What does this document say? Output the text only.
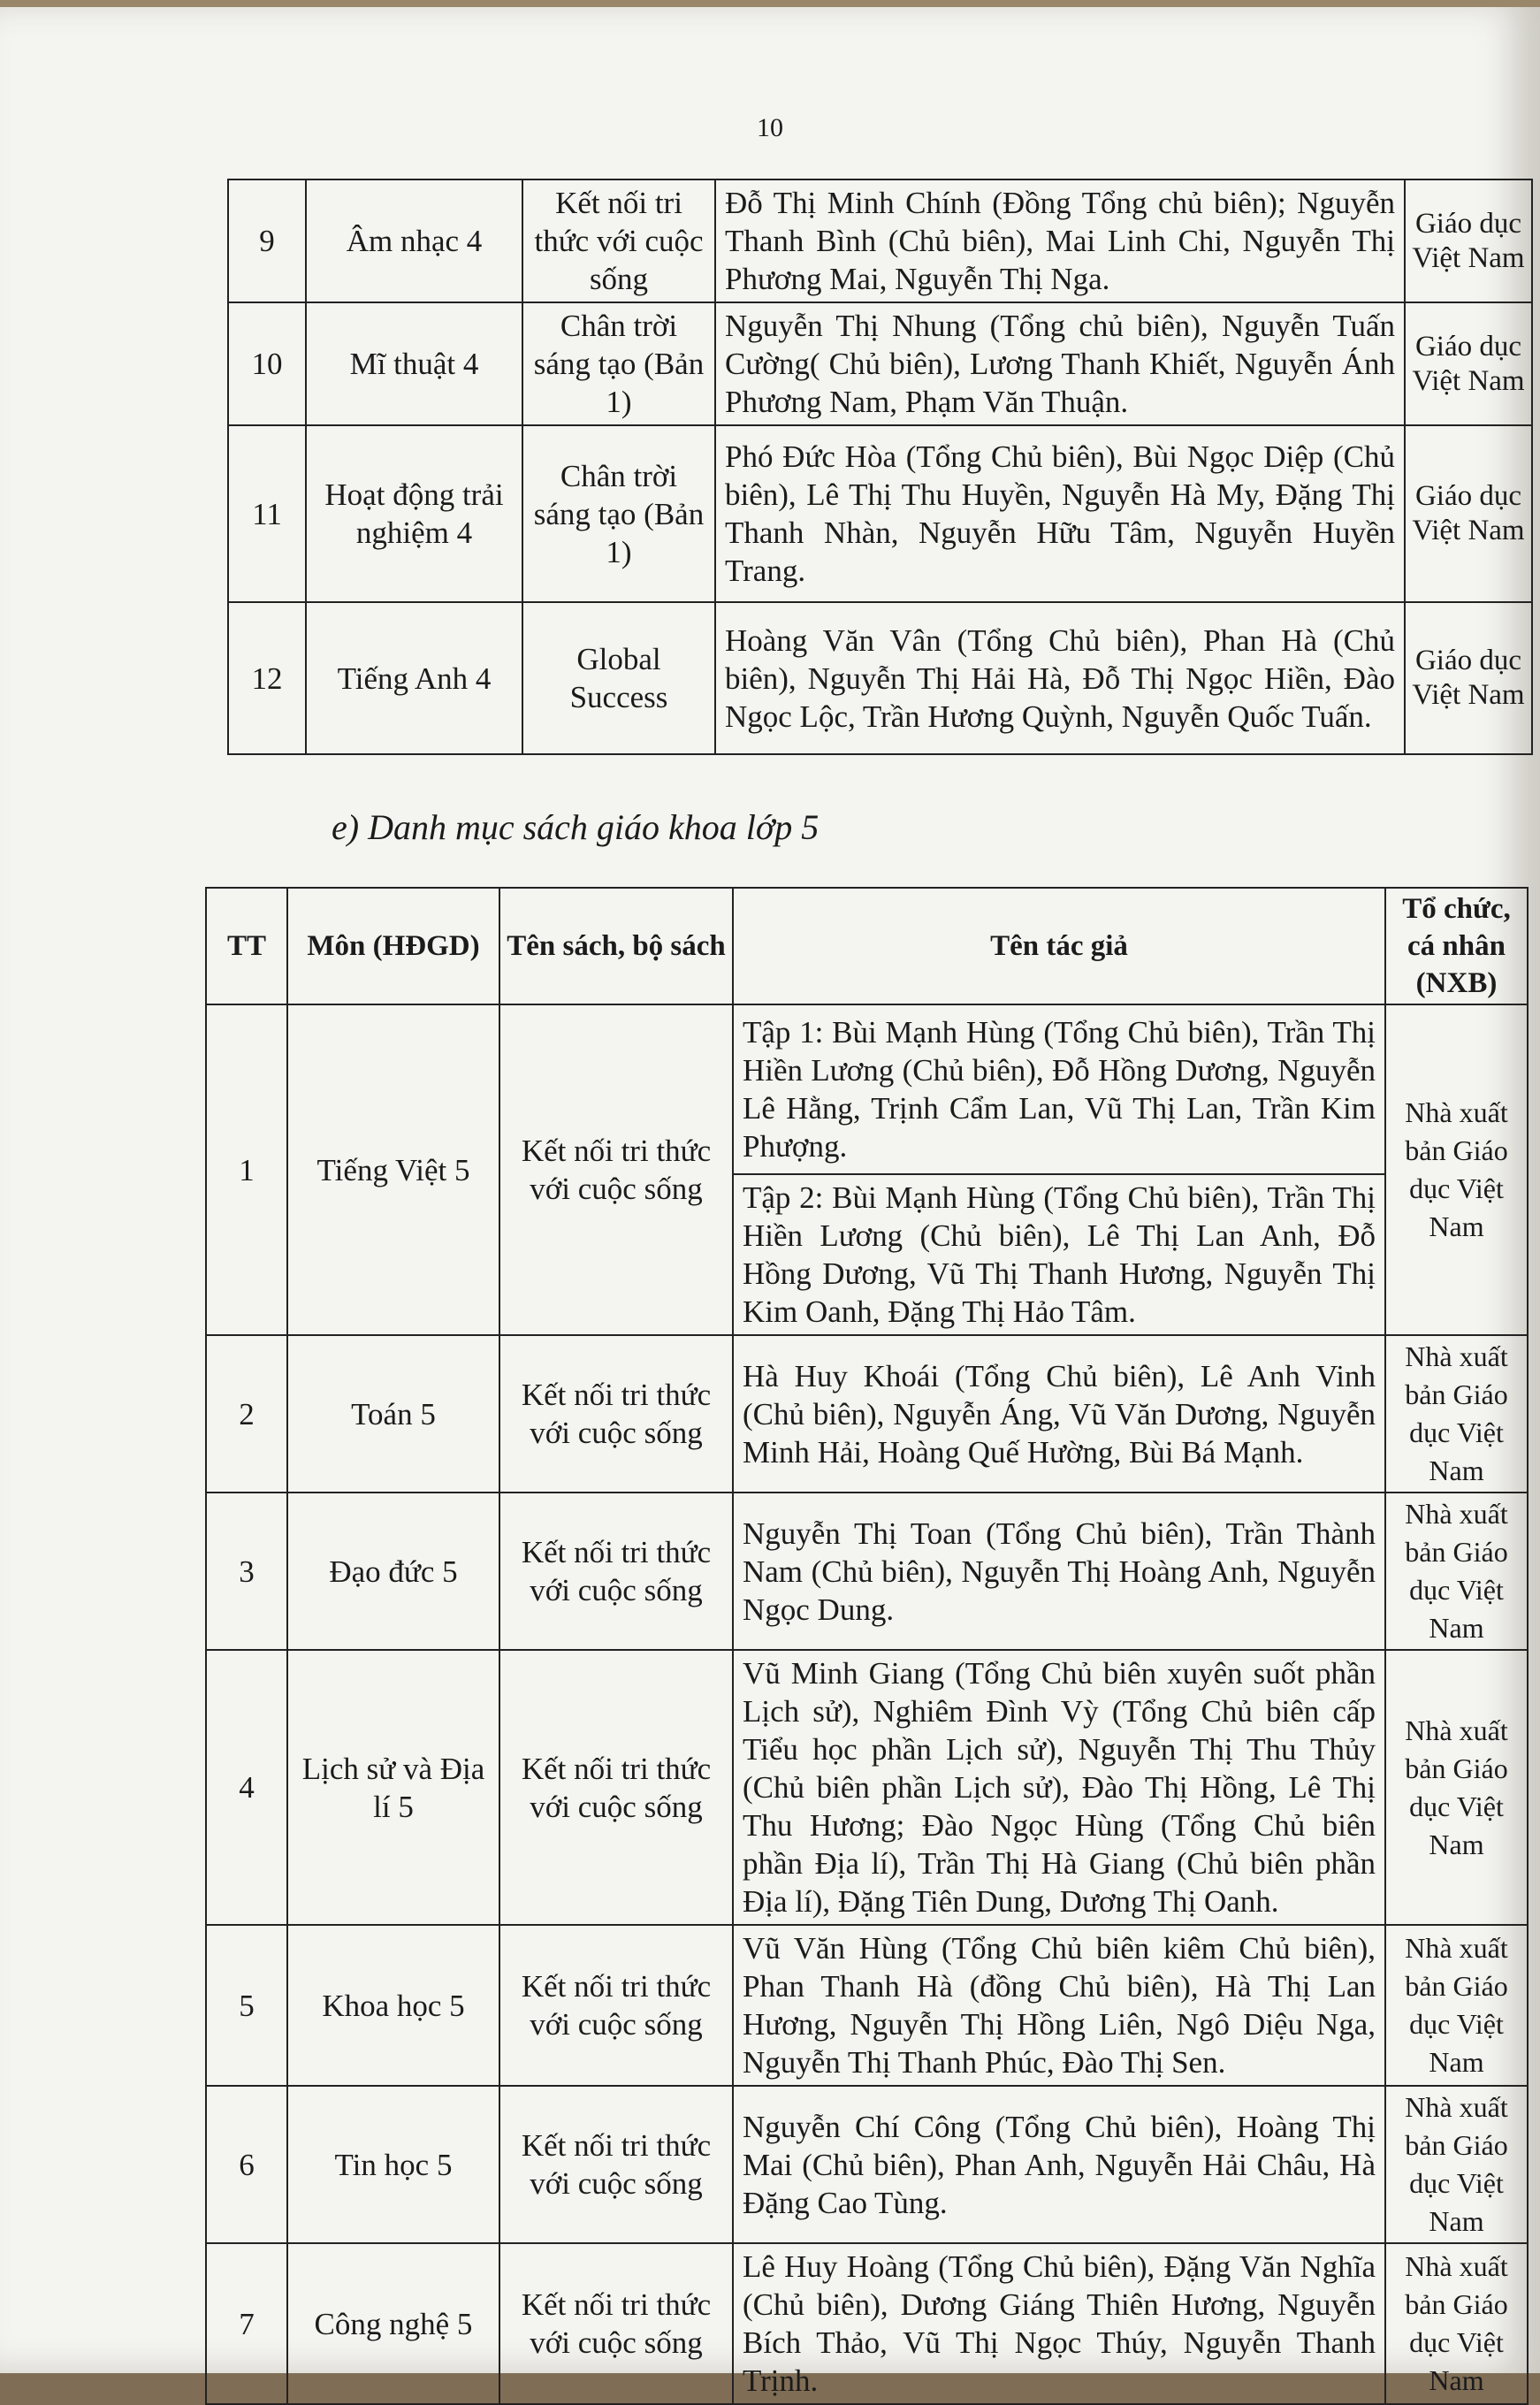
10
9	Âm nhạc 4	Kết nối tri thức với cuộc sống	Đỗ Thị Minh Chính (Đồng Tổng chủ biên); Nguyễn Thanh Bình (Chủ biên), Mai Linh Chi, Nguyễn Thị Phương Mai, Nguyễn Thị Nga.	Giáo dục Việt Nam
10	Mĩ thuật 4	Chân trời sáng tạo (Bản 1)	Nguyễn Thị Nhung (Tổng chủ biên), Nguyễn Tuấn Cường( Chủ biên), Lương Thanh Khiết, Nguyễn Ánh Phương Nam, Phạm Văn Thuận.	Giáo dục Việt Nam
11	Hoạt động trải nghiệm 4	Chân trời sáng tạo (Bản 1)	Phó Đức Hòa (Tổng Chủ biên), Bùi Ngọc Diệp (Chủ biên), Lê Thị Thu Huyền, Nguyễn Hà My, Đặng Thị Thanh Nhàn, Nguyễn Hữu Tâm, Nguyễn Huyền Trang.	Giáo dục Việt Nam
12	Tiếng Anh 4	Global Success	Hoàng Văn Vân (Tổng Chủ biên), Phan Hà (Chủ biên), Nguyễn Thị Hải Hà, Đỗ Thị Ngọc Hiền, Đào Ngọc Lộc, Trần Hương Quỳnh, Nguyễn Quốc Tuấn.	Giáo dục Việt Nam
e) Danh mục sách giáo khoa lớp 5
TT	Môn (HĐGD)	Tên sách, bộ sách	Tên tác giả	Tổ chức, cá nhân (NXB)
1	Tiếng Việt 5	Kết nối tri thức với cuộc sống	Tập 1: Bùi Mạnh Hùng (Tổng Chủ biên), Trần Thị Hiền Lương (Chủ biên), Đỗ Hồng Dương, Nguyễn Lê Hằng, Trịnh Cẩm Lan, Vũ Thị Lan, Trần Kim Phượng.	Nhà xuất bản Giáo dục Việt Nam
			Tập 2: Bùi Mạnh Hùng (Tổng Chủ biên), Trần Thị Hiền Lương (Chủ biên), Lê Thị Lan Anh, Đỗ Hồng Dương, Vũ Thị Thanh Hương, Nguyễn Thị Kim Oanh, Đặng Thị Hảo Tâm.	
2	Toán 5	Kết nối tri thức với cuộc sống	Hà Huy Khoái (Tổng Chủ biên), Lê Anh Vinh (Chủ biên), Nguyễn Áng, Vũ Văn Dương, Nguyễn Minh Hải, Hoàng Quế Hường, Bùi Bá Mạnh.	Nhà xuất bản Giáo dục Việt Nam
3	Đạo đức 5	Kết nối tri thức với cuộc sống	Nguyễn Thị Toan (Tổng Chủ biên), Trần Thành Nam (Chủ biên), Nguyễn Thị Hoàng Anh, Nguyễn Ngọc Dung.	Nhà xuất bản Giáo dục Việt Nam
4	Lịch sử và Địa lí 5	Kết nối tri thức với cuộc sống	Vũ Minh Giang (Tổng Chủ biên xuyên suốt phần Lịch sử), Nghiêm Đình Vỳ (Tổng Chủ biên cấp Tiểu học phần Lịch sử), Nguyễn Thị Thu Thủy (Chủ biên phần Lịch sử), Đào Thị Hồng, Lê Thị Thu Hương; Đào Ngọc Hùng (Tổng Chủ biên phần Địa lí), Trần Thị Hà Giang (Chủ biên phần Địa lí), Đặng Tiên Dung, Dương Thị Oanh.	Nhà xuất bản Giáo dục Việt Nam
5	Khoa học 5	Kết nối tri thức với cuộc sống	Vũ Văn Hùng (Tổng Chủ biên kiêm Chủ biên), Phan Thanh Hà (đồng Chủ biên), Hà Thị Lan Hương, Nguyễn Thị Hồng Liên, Ngô Diệu Nga, Nguyễn Thị Thanh Phúc, Đào Thị Sen.	Nhà xuất bản Giáo dục Việt Nam
6	Tin học 5	Kết nối tri thức với cuộc sống	Nguyễn Chí Công (Tổng Chủ biên), Hoàng Thị Mai (Chủ biên), Phan Anh, Nguyễn Hải Châu, Hà Đặng Cao Tùng.	Nhà xuất bản Giáo dục Việt Nam
7	Công nghệ 5	Kết nối tri thức với cuộc sống	Lê Huy Hoàng (Tổng Chủ biên), Đặng Văn Nghĩa (Chủ biên), Dương Giáng Thiên Hương, Nguyễn Bích Thảo, Vũ Thị Ngọc Thúy, Nguyễn Thanh Trịnh.	Nhà xuất bản Giáo dục Việt Nam
